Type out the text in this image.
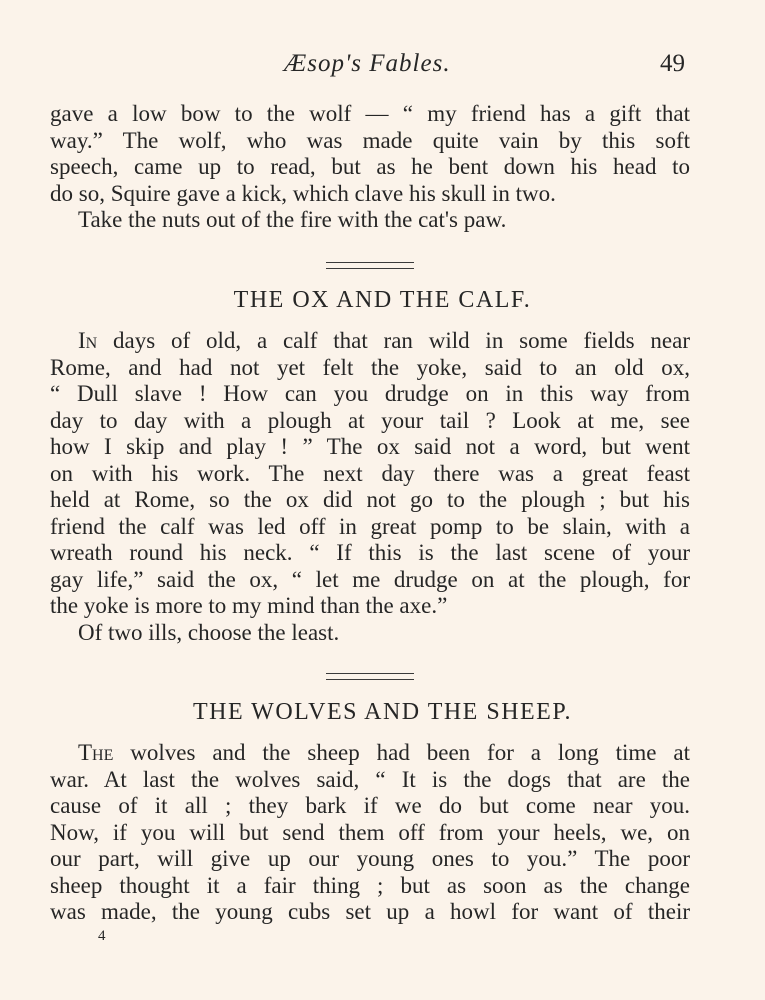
Æsop's Fables.	49
gave a low bow to the wolf — “ my friend has a gift that
way.” The wolf, who was made quite vain by this soft
speech, came up to read, but as he bent down his head to
do so, Squire gave a kick, which clave his skull in two.
Take the nuts out of the fire with the cat's paw.
THE OX AND THE CALF.
In days of old, a calf that ran wild in some fields near
Rome, and had not yet felt the yoke, said to an old ox,
“ Dull slave ! How can you drudge on in this way from
day to day with a plough at your tail ? Look at me, see
how I skip and play ! ” The ox said not a word, but went
on with his work. The next day there was a great feast
held at Rome, so the ox did not go to the plough ; but his
friend the calf was led off in great pomp to be slain, with a
wreath round his neck. “ If this is the last scene of your
gay life,” said the ox, “ let me drudge on at the plough, for
the yoke is more to my mind than the axe.”
Of two ills, choose the least.
THE WOLVES AND THE SHEEP.
The wolves and the sheep had been for a long time at
war. At last the wolves said, “ It is the dogs that are the
cause of it all ; they bark if we do but come near you.
Now, if you will but send them off from your heels, we, on
our part, will give up our young ones to you.” The poor
sheep thought it a fair thing ; but as soon as the change
was made, the young cubs set up a howl for want of their
4
